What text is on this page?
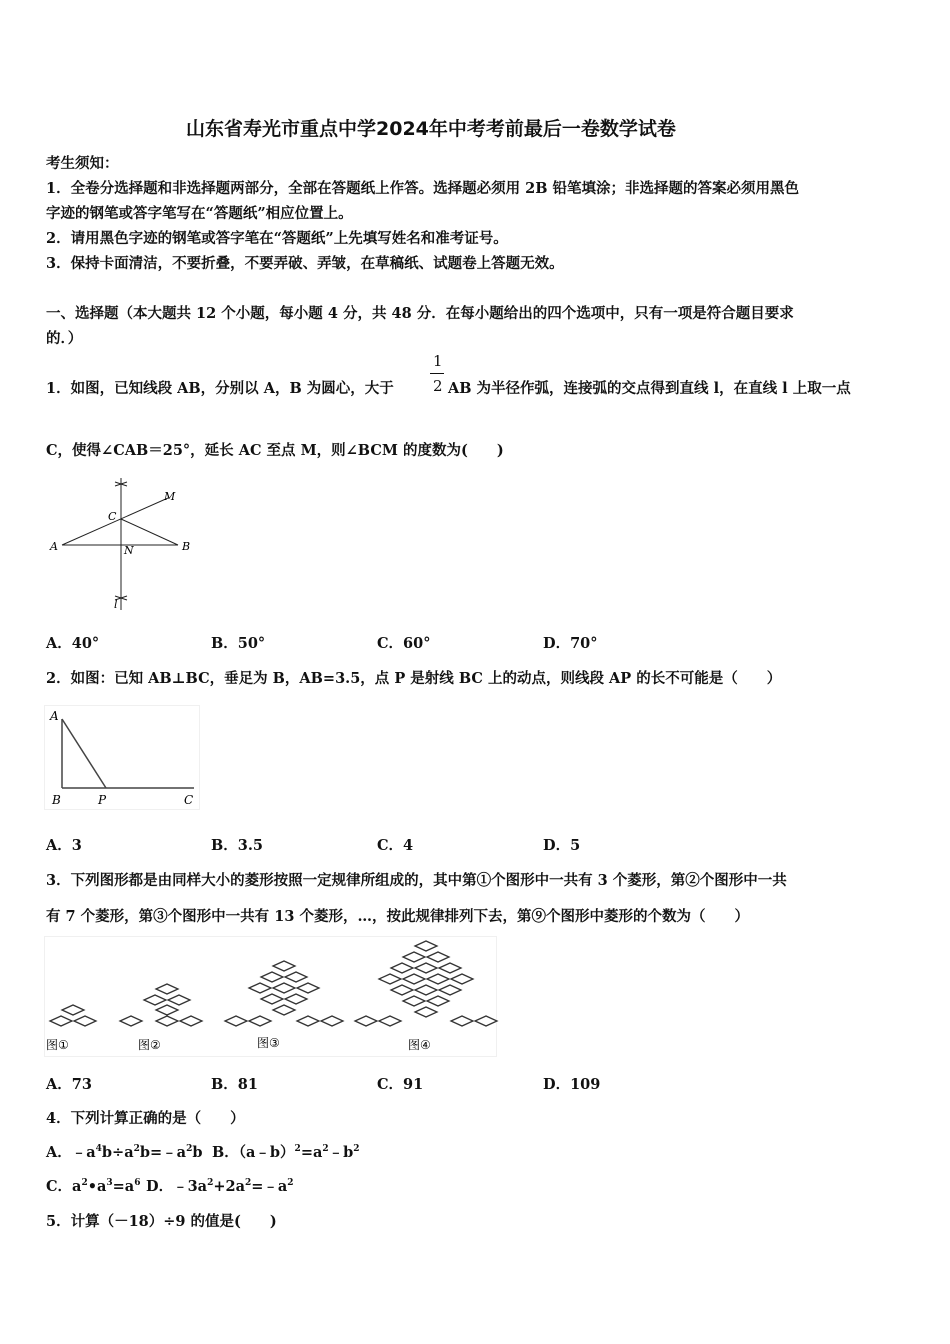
山东省寿光市重点中学2024年中考考前最后一卷数学试卷
考生须知：
1．全卷分选择题和非选择题两部分，全部在答题纸上作答。选择题必须用 2B 铅笔填涂；非选择题的答案必须用黑色
字迹的钢笔或答字笔写在“答题纸”相应位置上。
2．请用黑色字迹的钢笔或答字笔在“答题纸”上先填写姓名和准考证号。
3．保持卡面清洁，不要折叠，不要弄破、弄皱，在草稿纸、试题卷上答题无效。
一、选择题（本大题共 12 个小题，每小题 4 分，共 48 分．在每小题给出的四个选项中，只有一项是符合题目要求
的．）
1．如图，已知线段 AB，分别以 A，B 为圆心，大于
1
2 AB 为半径作弧，连接弧的交点得到直线 l，在直线 l 上取一点
C，使得∠CAB＝25°，延长 AC 至点 M，则∠BCM 的度数为(　　)
A	B
C
M
N
l
A．40°	B．50°	C．60°	D．70°
2．如图：已知 AB⊥BC，垂足为 B，AB=3.5，点 P 是射线 BC 上的动点，则线段 AP 的长不可能是（　　）
A
B	P	C
A．3	B．3.5	C．4	D．5
3．下列图形都是由同样大小的菱形按照一定规律所组成的，其中第①个图形中一共有 3 个菱形，第②个图形中一共
有 7 个菱形，第③个图形中一共有 13 个菱形，…，按此规律排列下去，第⑨个图形中菱形的个数为（　　）
图①	图②	图③	图④
A．73	B．81	C．91	D．109
4．下列计算正确的是（　　）
A．$﹣a^4b\div a^2b=﹣a^2b$ B．$(a﹣b)^2=a^2﹣b^2$
C．$a^2•a^3=a^6$ D．$﹣3a^2+2a^2=﹣a^2$
5．计算（－18）÷9 的值是(　　)
